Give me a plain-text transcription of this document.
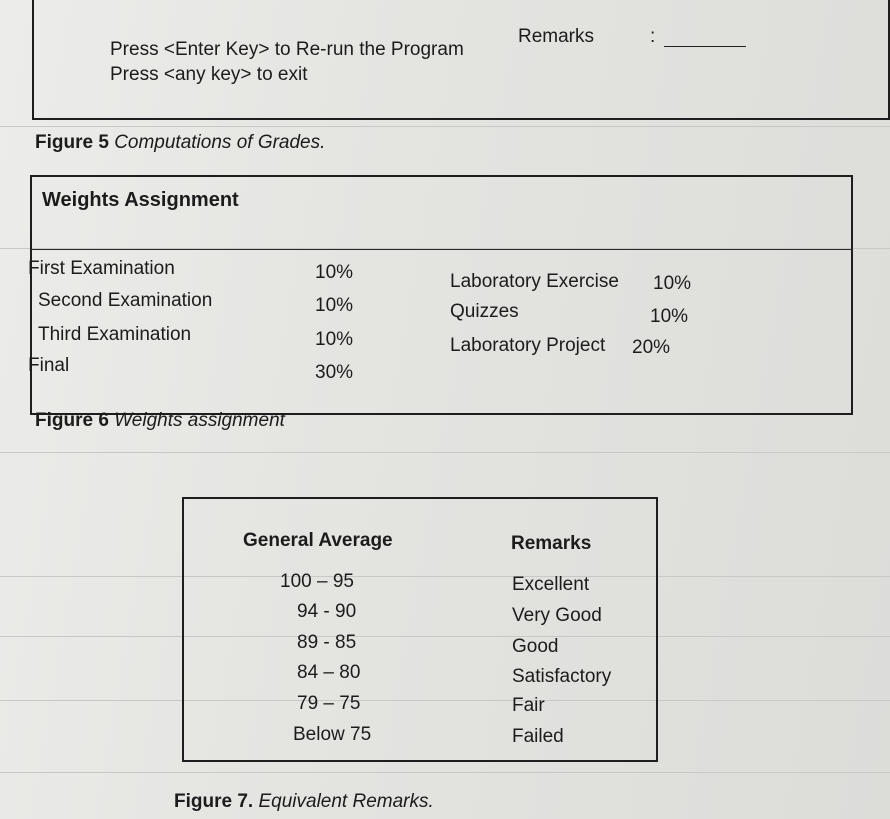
Remarks	:
Press <Enter Key> to Re-run the Program
Press <any key> to exit
Figure 5 Computations of Grades.
Weights Assignment
First Examination	10%
Second Examination	10%
Third Examination	10%
Final	30%
Laboratory Exercise 10%
Quizzes	10%
Laboratory Project 20%
Figure 6 Weights assignment
General Average	Remarks
100 – 95	Excellent
94 - 90	Very Good
89 - 85	Good
84 – 80	Satisfactory
79 – 75	Fair
Below 75	Failed
Figure 7. Equivalent Remarks.
